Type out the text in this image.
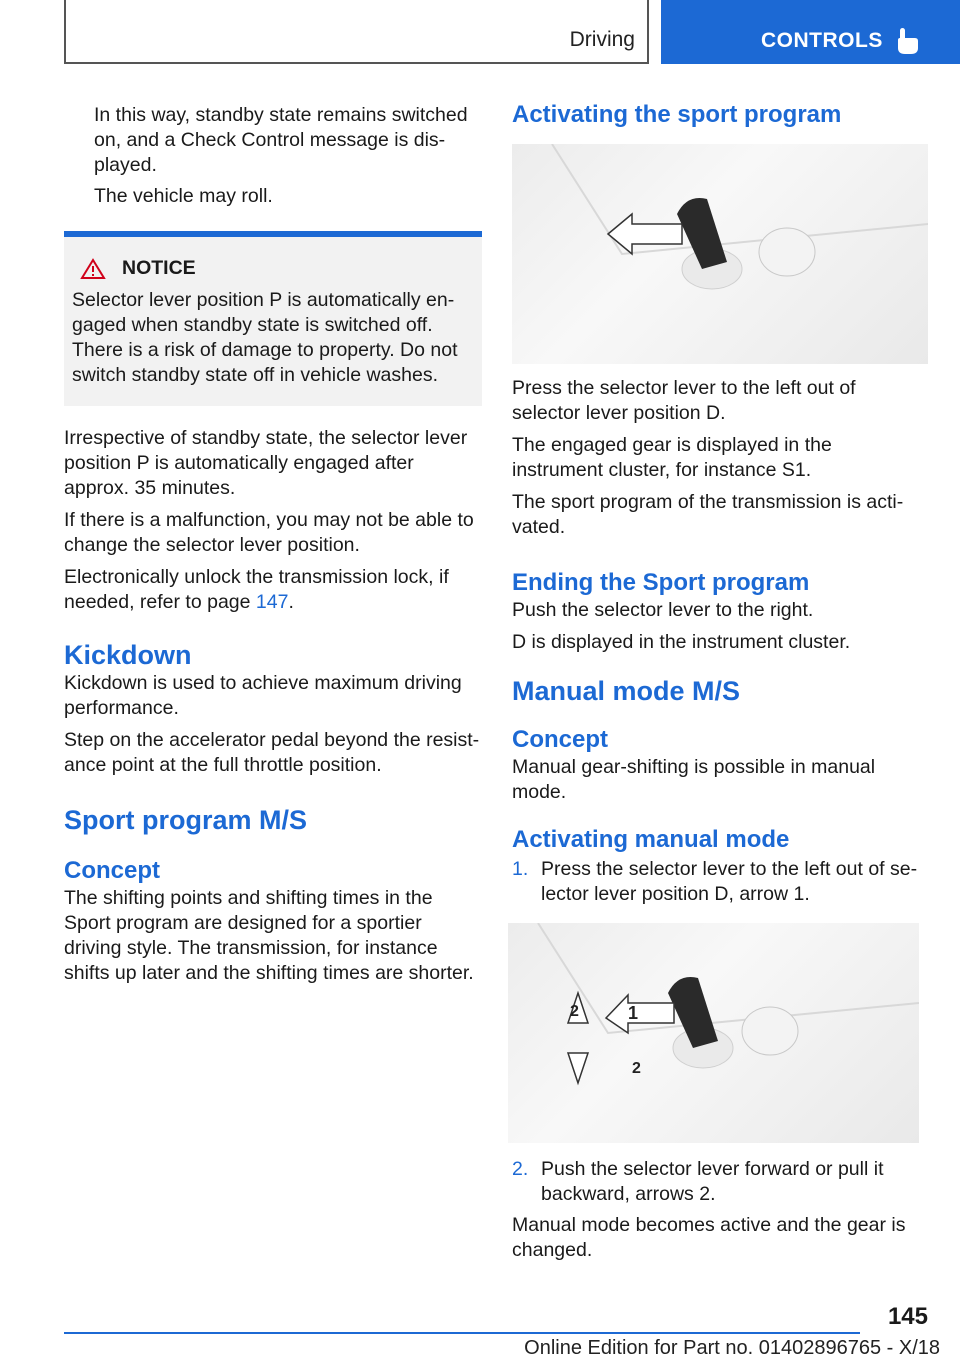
Driving	CONTROLS

In this way, standby state remains switched on, and a Check Control message is dis‐played.

The vehicle may roll.

NOTICE

Selector lever position P is automatically en‐gaged when standby state is switched off. There is a risk of damage to property. Do not switch standby state off in vehicle washes.

Irrespective of standby state, the selector lever position P is automatically engaged after approx. 35 minutes.

If there is a malfunction, you may not be able to change the selector lever position.

Electronically unlock the transmission lock, if needed, refer to page 147.

Kickdown

Kickdown is used to achieve maximum driving performance.

Step on the accelerator pedal beyond the resist‐ance point at the full throttle position.

Sport program M/S
Concept

The shifting points and shifting times in the Sport program are designed for a sportier driving style. The transmission, for instance shifts up later and the shifting times are shorter.

Activating the sport program

Press the selector lever to the left out of selector lever position D.

The engaged gear is displayed in the instrument cluster, for instance S1.

The sport program of the transmission is acti‐vated.

Ending the Sport program

Push the selector lever to the right.

D is displayed in the instrument cluster.

Manual mode M/S
Concept

Manual gear-shifting is possible in manual mode.

Activating manual mode
1. Press the selector lever to the left out of se‐lector lever position D, arrow 1.
1
2
2
2. Push the selector lever forward or pull it backward, arrows 2.

Manual mode becomes active and the gear is changed.

145
Online Edition for Part no. 01402896765 - X/18
